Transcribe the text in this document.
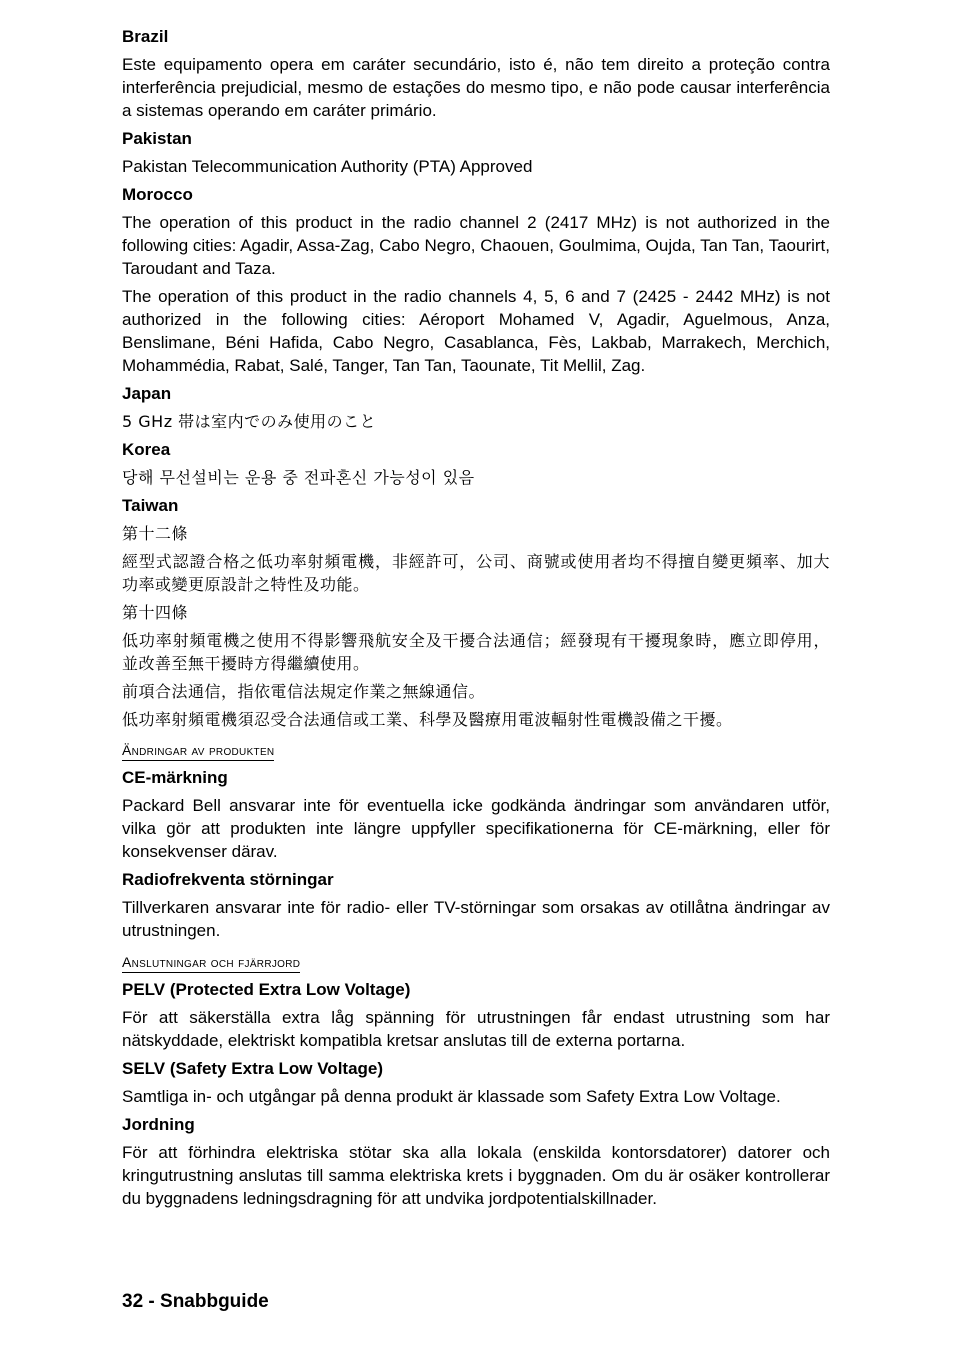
Brazil
Este equipamento opera em caráter secundário, isto é, não tem direito a proteção contra interferência prejudicial, mesmo de estações do mesmo tipo, e não pode causar interferência a sistemas operando em caráter primário.
Pakistan
Pakistan Telecommunication Authority (PTA) Approved
Morocco
The operation of this product in the radio channel 2 (2417 MHz) is not authorized in the following cities: Agadir, Assa-Zag, Cabo Negro, Chaouen, Goulmima, Oujda, Tan Tan, Taourirt, Taroudant and Taza.
The operation of this product in the radio channels 4, 5, 6 and 7 (2425 - 2442 MHz) is not authorized in the following cities: Aéroport Mohamed V, Agadir, Aguelmous, Anza, Benslimane, Béni Hafida, Cabo Negro, Casablanca, Fès, Lakbab, Marrakech, Merchich, Mohammédia, Rabat, Salé, Tanger, Tan Tan, Taounate, Tit Mellil, Zag.
Japan
5 GHz 帯は室内でのみ使用のこと
Korea
당해 무선설비는 운용 중 전파혼신 가능성이 있음
Taiwan
第十二條
經型式認證合格之低功率射頻電機，非經許可，公司、商號或使用者均不得擅自變更頻率、加大功率或變更原設計之特性及功能。
第十四條
低功率射頻電機之使用不得影響飛航安全及干擾合法通信；經發現有干擾現象時，應立即停用，並改善至無干擾時方得繼續使用。
前項合法通信，指依電信法規定作業之無線通信。
低功率射頻電機須忍受合法通信或工業、科學及醫療用電波輻射性電機設備之干擾。
Ändringar av produkten
CE-märkning
Packard Bell ansvarar inte för eventuella icke godkända ändringar som användaren utför, vilka gör att produkten inte längre uppfyller specifikationerna för CE-märkning, eller för konsekvenser därav.
Radiofrekventa störningar
Tillverkaren ansvarar inte för radio- eller TV-störningar som orsakas av otillåtna ändringar av utrustningen.
Anslutningar och fjärrjord
PELV (Protected Extra Low Voltage)
För att säkerställa extra låg spänning för utrustningen får endast utrustning som har nätskyddade, elektriskt kompatibla kretsar anslutas till de externa portarna.
SELV (Safety Extra Low Voltage)
Samtliga in- och utgångar på denna produkt är klassade som Safety Extra Low Voltage.
Jordning
För att förhindra elektriska stötar ska alla lokala (enskilda kontorsdatorer) datorer och kringutrustning anslutas till samma elektriska krets i byggnaden. Om du är osäker kontrollerar du byggnadens ledningsdragning för att undvika jordpotentialskillnader.
32 - Snabbguide
